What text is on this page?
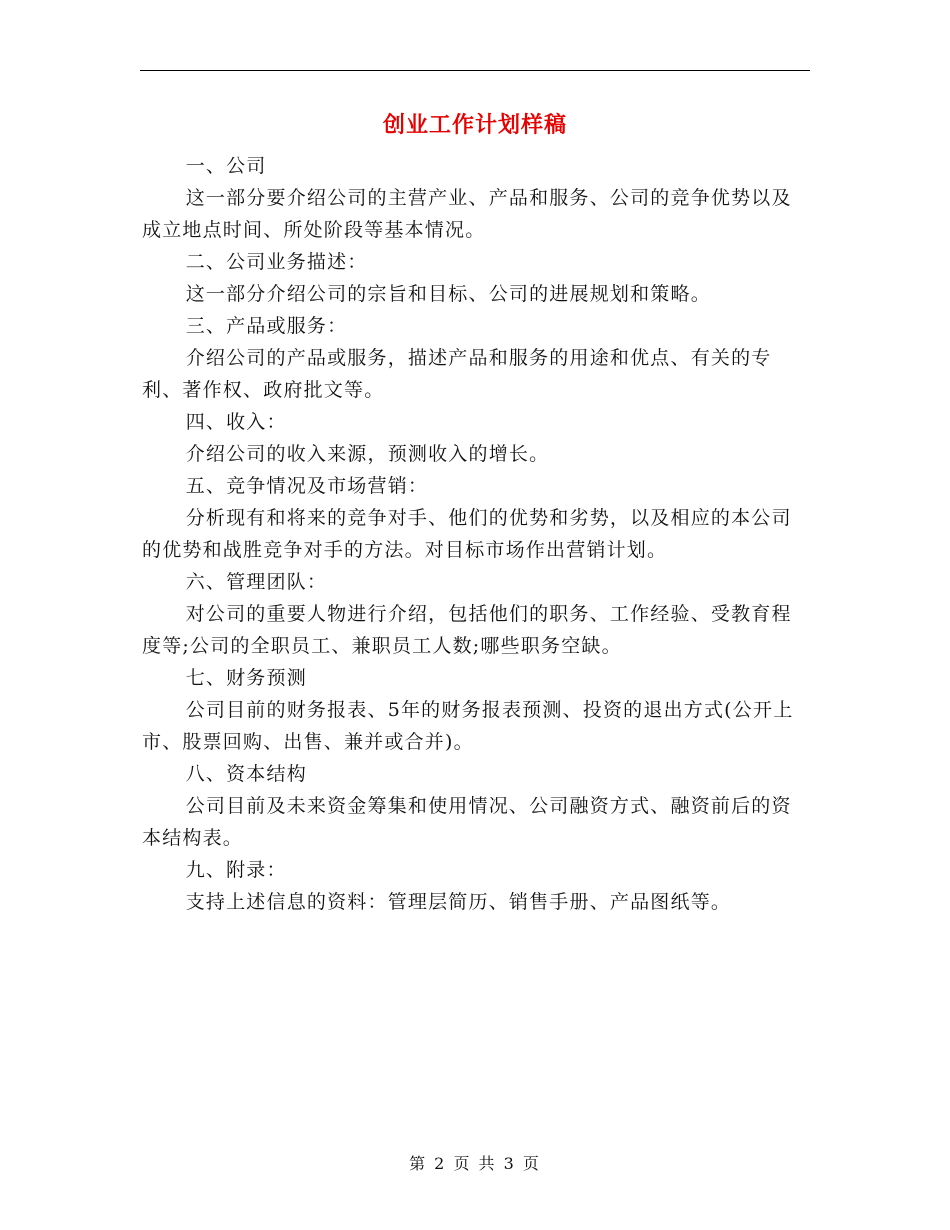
创业工作计划样稿

一、公司

这一部分要介绍公司的主营产业、产品和服务、公司的竞争优势以及成立地点时间、所处阶段等基本情况。

二、公司业务描述：

这一部分介绍公司的宗旨和目标、公司的进展规划和策略。

三、产品或服务：

介绍公司的产品或服务，描述产品和服务的用途和优点、有关的专利、著作权、政府批文等。

四、收入：

介绍公司的收入来源，预测收入的增长。

五、竞争情况及市场营销：

分析现有和将来的竞争对手、他们的优势和劣势，以及相应的本公司的优势和战胜竞争对手的方法。对目标市场作出营销计划。

六、管理团队：

对公司的重要人物进行介绍，包括他们的职务、工作经验、受教育程度等;公司的全职员工、兼职员工人数;哪些职务空缺。

七、财务预测

公司目前的财务报表、5年的财务报表预测、投资的退出方式(公开上市、股票回购、出售、兼并或合并)。

八、资本结构

公司目前及未来资金筹集和使用情况、公司融资方式、融资前后的资本结构表。

九、附录：

支持上述信息的资料：管理层简历、销售手册、产品图纸等。

第 2 页 共 3 页
